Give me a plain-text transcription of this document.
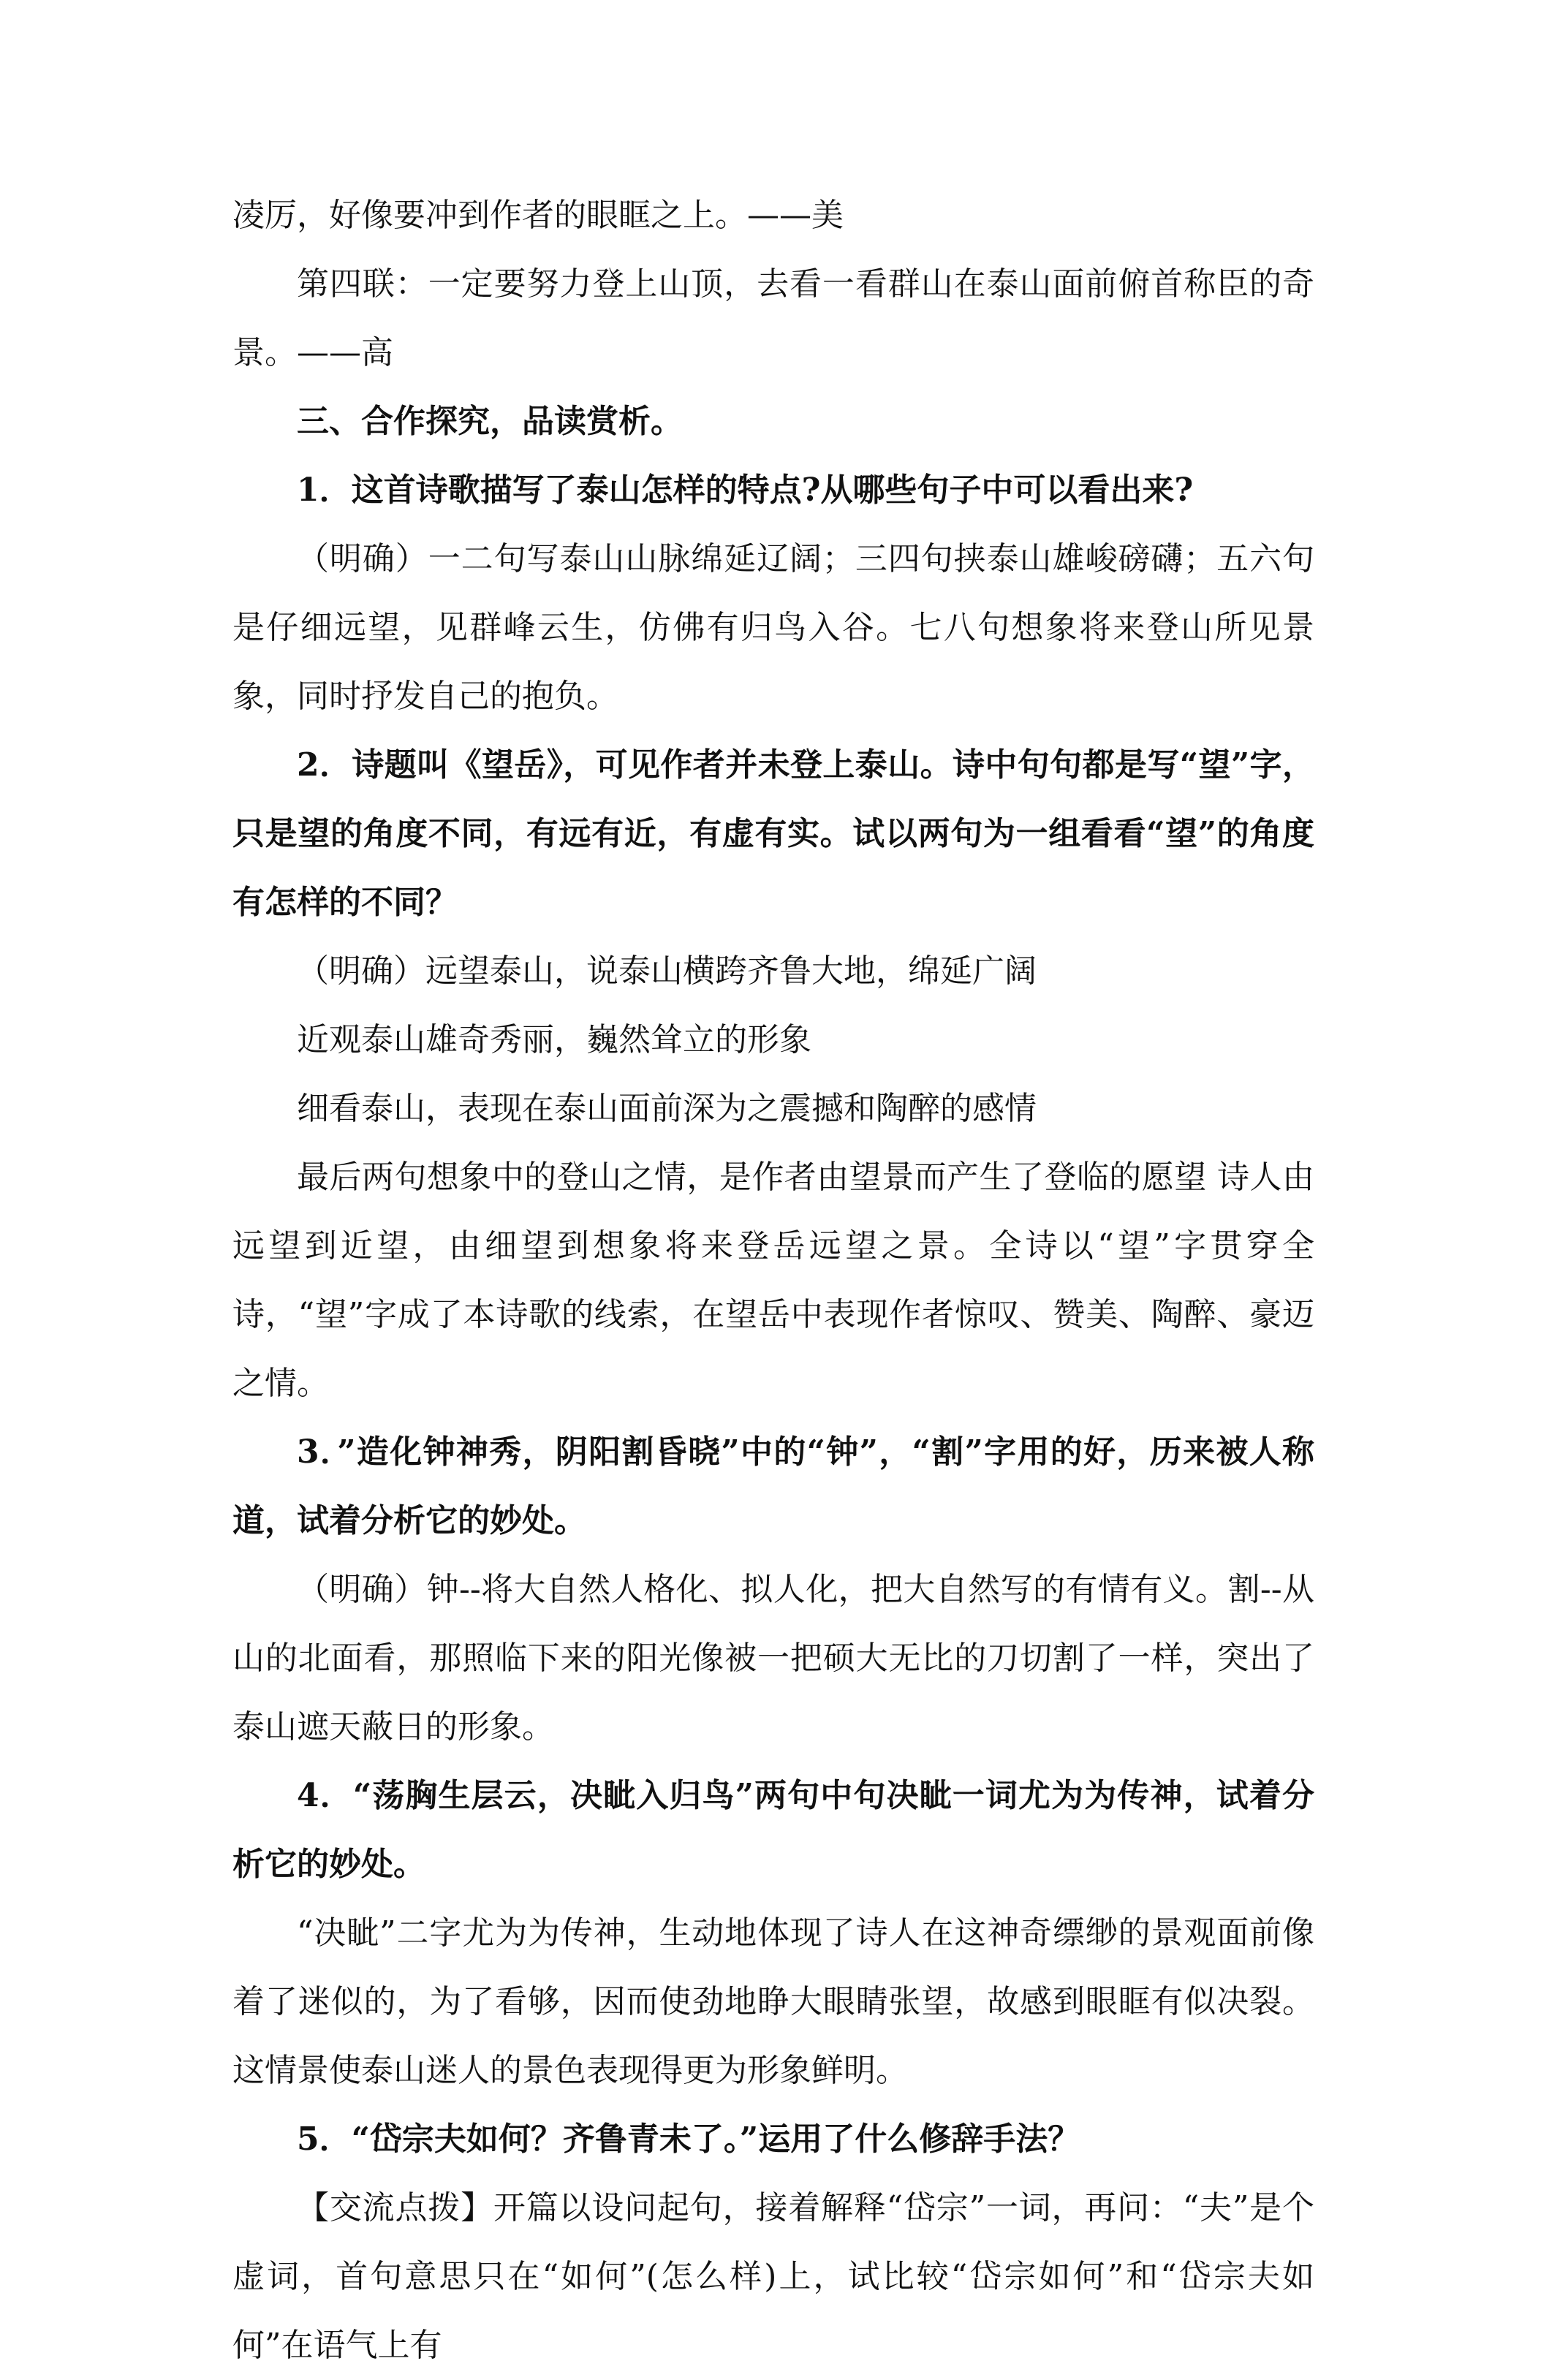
凌厉，好像要冲到作者的眼眶之上。——美

第四联：一定要努力登上山顶，去看一看群山在泰山面前俯首称臣的奇景。——高

三、合作探究，品读赏析。

1．这首诗歌描写了泰山怎样的特点?从哪些句子中可以看出来?

（明确）一二句写泰山山脉绵延辽阔；三四句挟泰山雄峻磅礴；五六句是仔细远望，见群峰云生，仿佛有归鸟入谷。七八句想象将来登山所见景象，同时抒发自己的抱负。

2．诗题叫《望岳》，可见作者并未登上泰山。诗中句句都是写“望”字，只是望的角度不同，有远有近，有虚有实。试以两句为一组看看“望”的角度有怎样的不同？

（明确）远望泰山，说泰山横跨齐鲁大地，绵延广阔

近观泰山雄奇秀丽，巍然耸立的形象

细看泰山，表现在泰山面前深为之震撼和陶醉的感情

最后两句想象中的登山之情，是作者由望景而产生了登临的愿望 诗人由远望到近望，由细望到想象将来登岳远望之景。全诗以“望”字贯穿全诗，“望”字成了本诗歌的线索，在望岳中表现作者惊叹、赞美、陶醉、豪迈之情。

3．”造化钟神秀，阴阳割昏晓”中的“钟”，“割”字用的好，历来被人称道，试着分析它的妙处。

（明确）钟--将大自然人格化、拟人化，把大自然写的有情有义。割--从山的北面看，那照临下来的阳光像被一把硕大无比的刀切割了一样，突出了泰山遮天蔽日的形象。

4．“荡胸生层云，决眦入归鸟”两句中句决眦一词尤为为传神，试着分析它的妙处。

“决眦”二字尤为为传神，生动地体现了诗人在这神奇缥缈的景观面前像着了迷似的，为了看够，因而使劲地睁大眼睛张望，故感到眼眶有似决裂。这情景使泰山迷人的景色表现得更为形象鲜明。

5．“岱宗夫如何？齐鲁青未了。”运用了什么修辞手法？

【交流点拨】开篇以设问起句，接着解释“岱宗”一词，再问：“夫”是个虚词，首句意思只在“如何”(怎么样)上，试比较“岱宗如何”和“岱宗夫如何”在语气上有
